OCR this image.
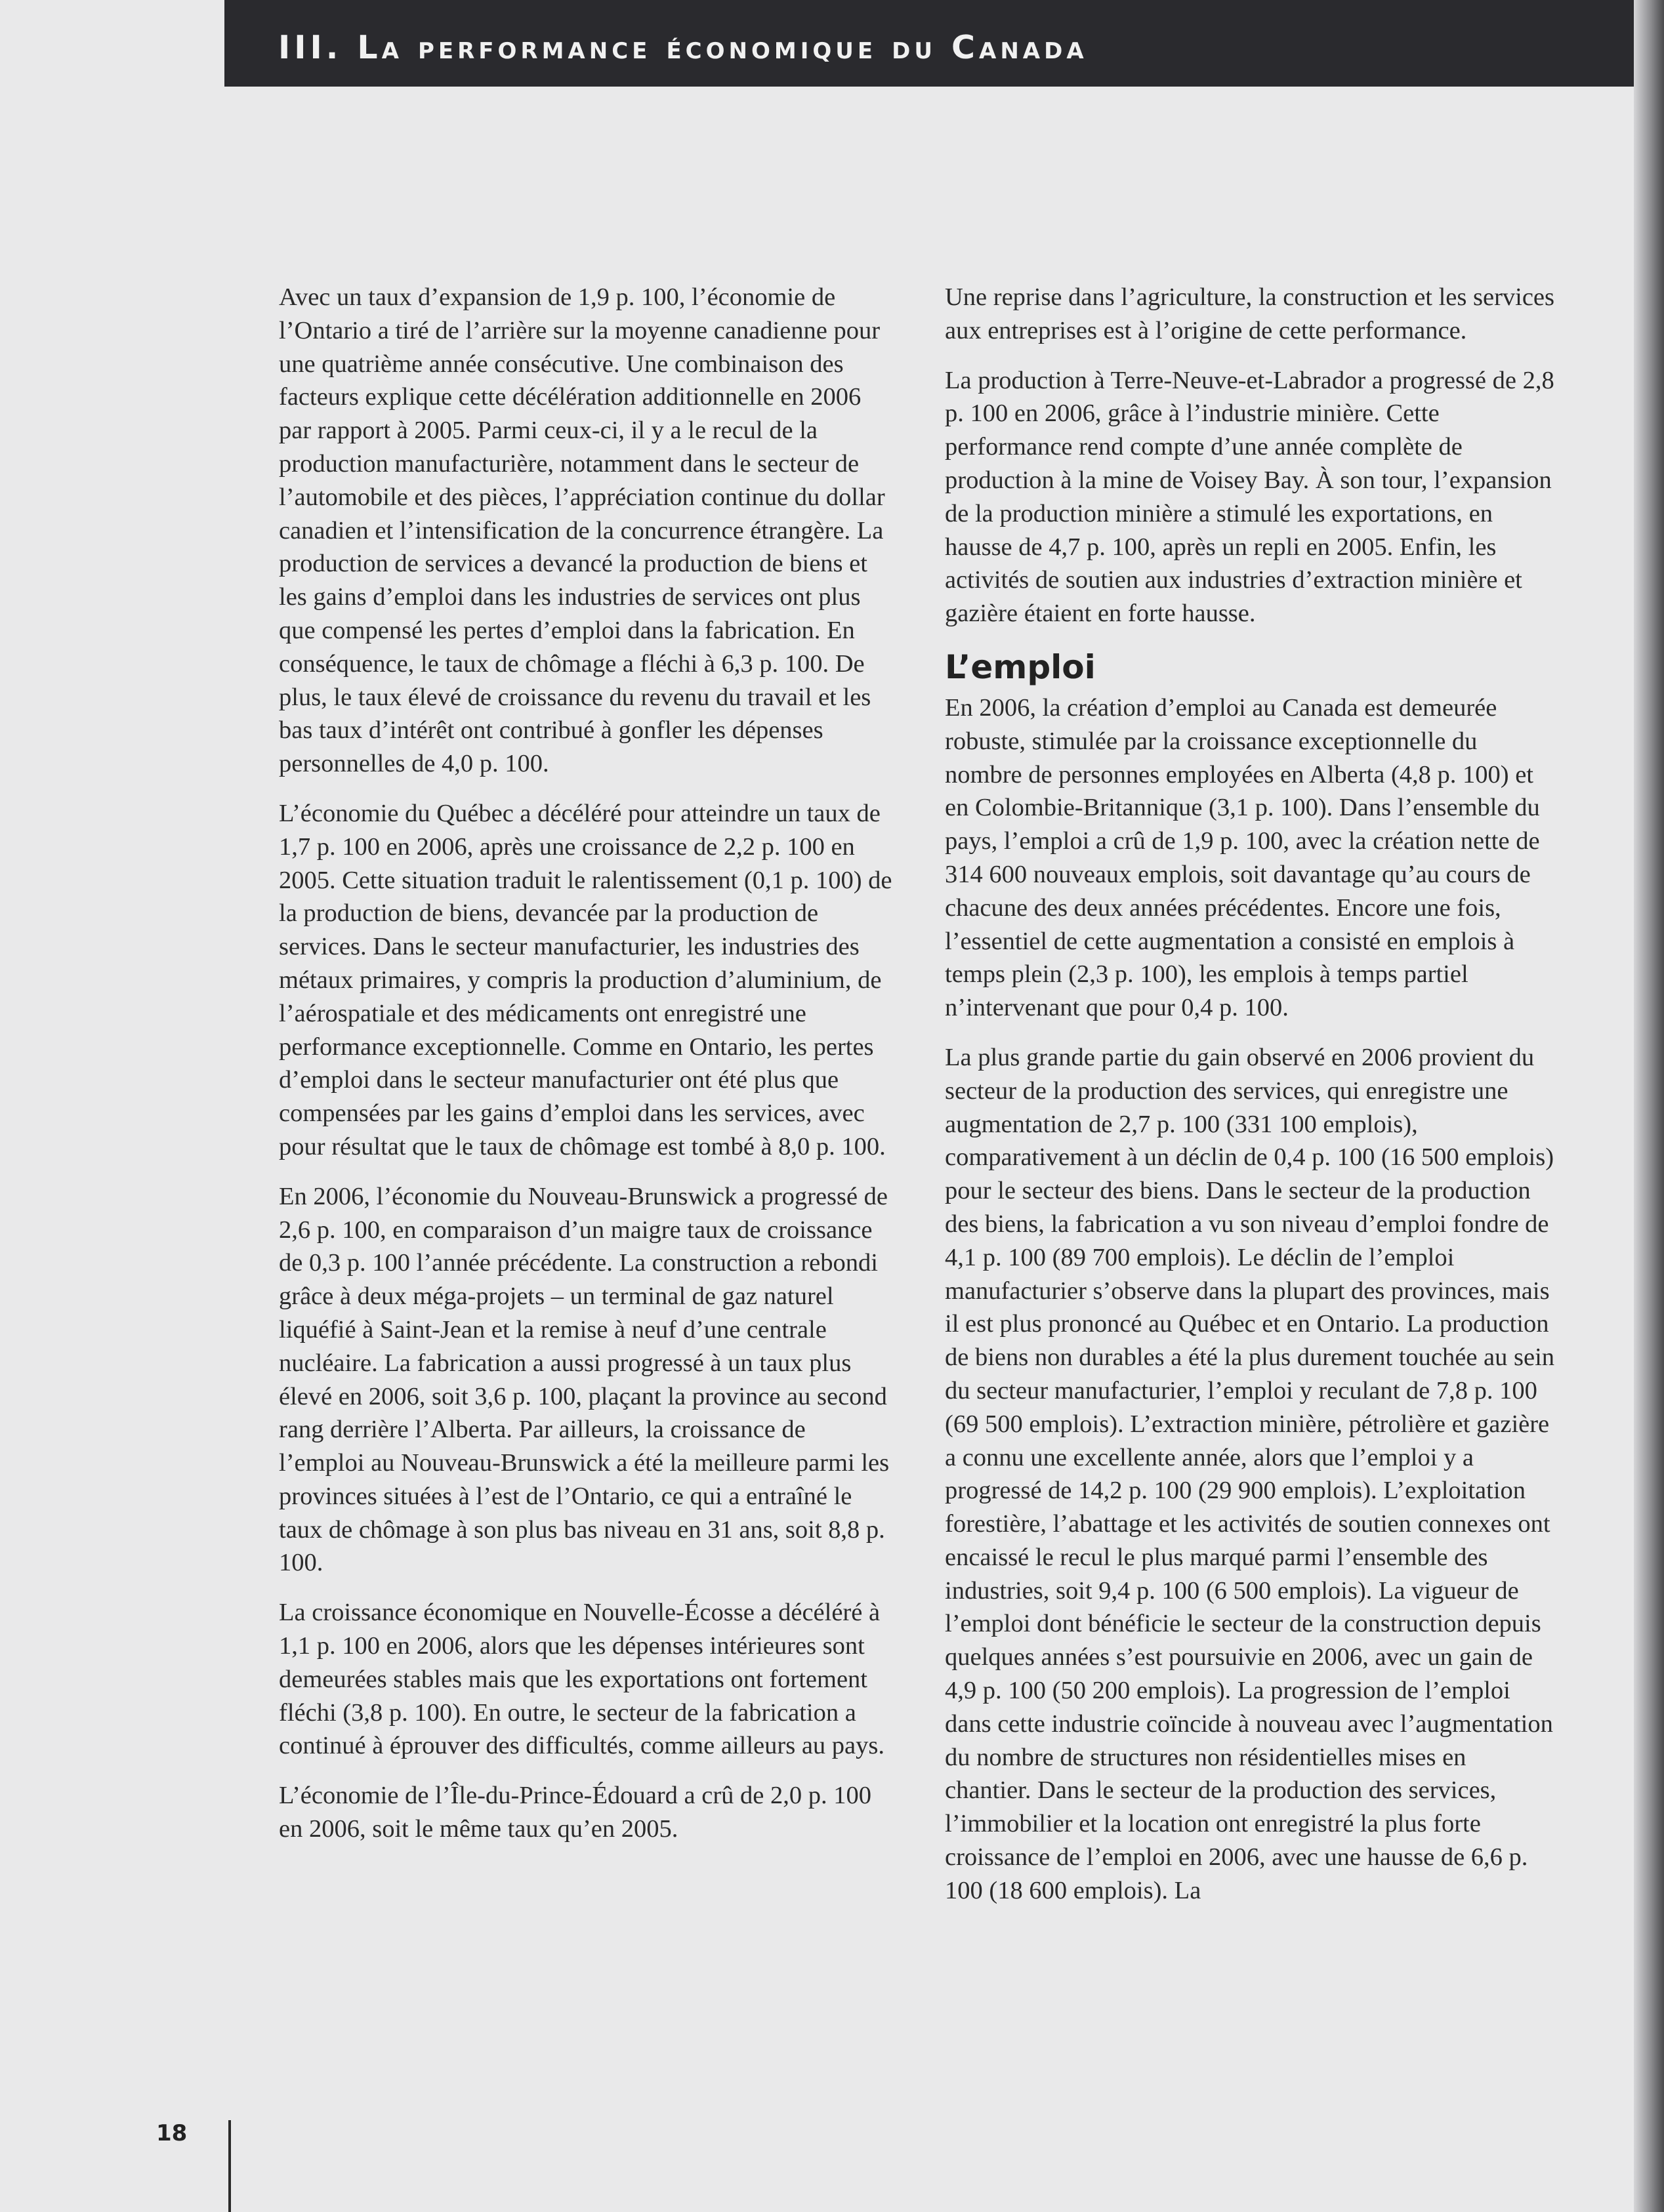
III. La performance économique du Canada

Avec un taux d’expansion de 1,9 p. 100, l’économie de l’Ontario a tiré de l’arrière sur la moyenne canadienne pour une quatrième année consécutive. Une combinaison des facteurs explique cette décélération additionnelle en 2006 par rapport à 2005. Parmi ceux-ci, il y a le recul de la production manufacturière, notamment dans le secteur de l’automobile et des pièces, l’appréciation continue du dollar canadien et l’intensification de la concurrence étrangère. La production de services a devancé la production de biens et les gains d’emploi dans les industries de services ont plus que compensé les pertes d’emploi dans la fabrication. En conséquence, le taux de chômage a fléchi à 6,3 p. 100. De plus, le taux élevé de croissance du revenu du travail et les bas taux d’intérêt ont contribué à gonfler les dépenses personnelles de 4,0 p. 100.

L’économie du Québec a décéléré pour atteindre un taux de 1,7 p. 100 en 2006, après une croissance de 2,2 p. 100 en 2005. Cette situation traduit le ralentissement (0,1 p. 100) de la production de biens, devancée par la production de services. Dans le secteur manufacturier, les industries des métaux primaires, y compris la production d’aluminium, de l’aérospatiale et des médicaments ont enregistré une performance exceptionnelle. Comme en Ontario, les pertes d’emploi dans le secteur manufacturier ont été plus que compensées par les gains d’emploi dans les services, avec pour résultat que le taux de chômage est tombé à 8,0 p. 100.

En 2006, l’économie du Nouveau-Brunswick a progressé de 2,6 p. 100, en comparaison d’un maigre taux de croissance de 0,3 p. 100 l’année précédente. La construction a rebondi grâce à deux méga-projets – un terminal de gaz naturel liquéfié à Saint-Jean et la remise à neuf d’une centrale nucléaire. La fabrication a aussi progressé à un taux plus élevé en 2006, soit 3,6 p. 100, plaçant la province au second rang derrière l’Alberta. Par ailleurs, la croissance de l’emploi au Nouveau-Brunswick a été la meilleure parmi les provinces situées à l’est de l’Ontario, ce qui a entraîné le taux de chômage à son plus bas niveau en 31 ans, soit 8,8 p. 100.

La croissance économique en Nouvelle-Écosse a décéléré à 1,1 p. 100 en 2006, alors que les dépenses intérieures sont demeurées stables mais que les exportations ont fortement fléchi (3,8 p. 100). En outre, le secteur de la fabrication a continué à éprouver des difficultés, comme ailleurs au pays.

L’économie de l’Île-du-Prince-Édouard a crû de 2,0 p. 100 en 2006, soit le même taux qu’en 2005.

Une reprise dans l’agriculture, la construction et les services aux entreprises est à l’origine de cette performance.

La production à Terre-Neuve-et-Labrador a progressé de 2,8 p. 100 en 2006, grâce à l’industrie minière. Cette performance rend compte d’une année complète de production à la mine de Voisey Bay. À son tour, l’expansion de la production minière a stimulé les exportations, en hausse de 4,7 p. 100, après un repli en 2005. Enfin, les activités de soutien aux industries d’extraction minière et gazière étaient en forte hausse.

L’emploi

En 2006, la création d’emploi au Canada est demeurée robuste, stimulée par la croissance exceptionnelle du nombre de personnes employées en Alberta (4,8 p. 100) et en Colombie-Britannique (3,1 p. 100). Dans l’ensemble du pays, l’emploi a crû de 1,9 p. 100, avec la création nette de 314 600 nouveaux emplois, soit davantage qu’au cours de chacune des deux années précédentes. Encore une fois, l’essentiel de cette augmentation a consisté en emplois à temps plein (2,3 p. 100), les emplois à temps partiel n’intervenant que pour 0,4 p. 100.

La plus grande partie du gain observé en 2006 provient du secteur de la production des services, qui enregistre une augmentation de 2,7 p. 100 (331 100 emplois), comparativement à un déclin de 0,4 p. 100 (16 500 emplois) pour le secteur des biens. Dans le secteur de la production des biens, la fabrication a vu son niveau d’emploi fondre de 4,1 p. 100 (89 700 emplois). Le déclin de l’emploi manufacturier s’observe dans la plupart des provinces, mais il est plus prononcé au Québec et en Ontario. La production de biens non durables a été la plus durement touchée au sein du secteur manufacturier, l’emploi y reculant de 7,8 p. 100 (69 500 emplois). L’extraction minière, pétrolière et gazière a connu une excellente année, alors que l’emploi y a progressé de 14,2 p. 100 (29 900 emplois). L’exploitation forestière, l’abattage et les activités de soutien connexes ont encaissé le recul le plus marqué parmi l’ensemble des industries, soit 9,4 p. 100 (6 500 emplois). La vigueur de l’emploi dont bénéficie le secteur de la construction depuis quelques années s’est poursuivie en 2006, avec un gain de 4,9 p. 100 (50 200 emplois). La progression de l’emploi dans cette industrie coïncide à nouveau avec l’augmentation du nombre de structures non résidentielles mises en chantier. Dans le secteur de la production des services, l’immobilier et la location ont enregistré la plus forte croissance de l’emploi en 2006, avec une hausse de 6,6 p. 100 (18 600 emplois). La

18
